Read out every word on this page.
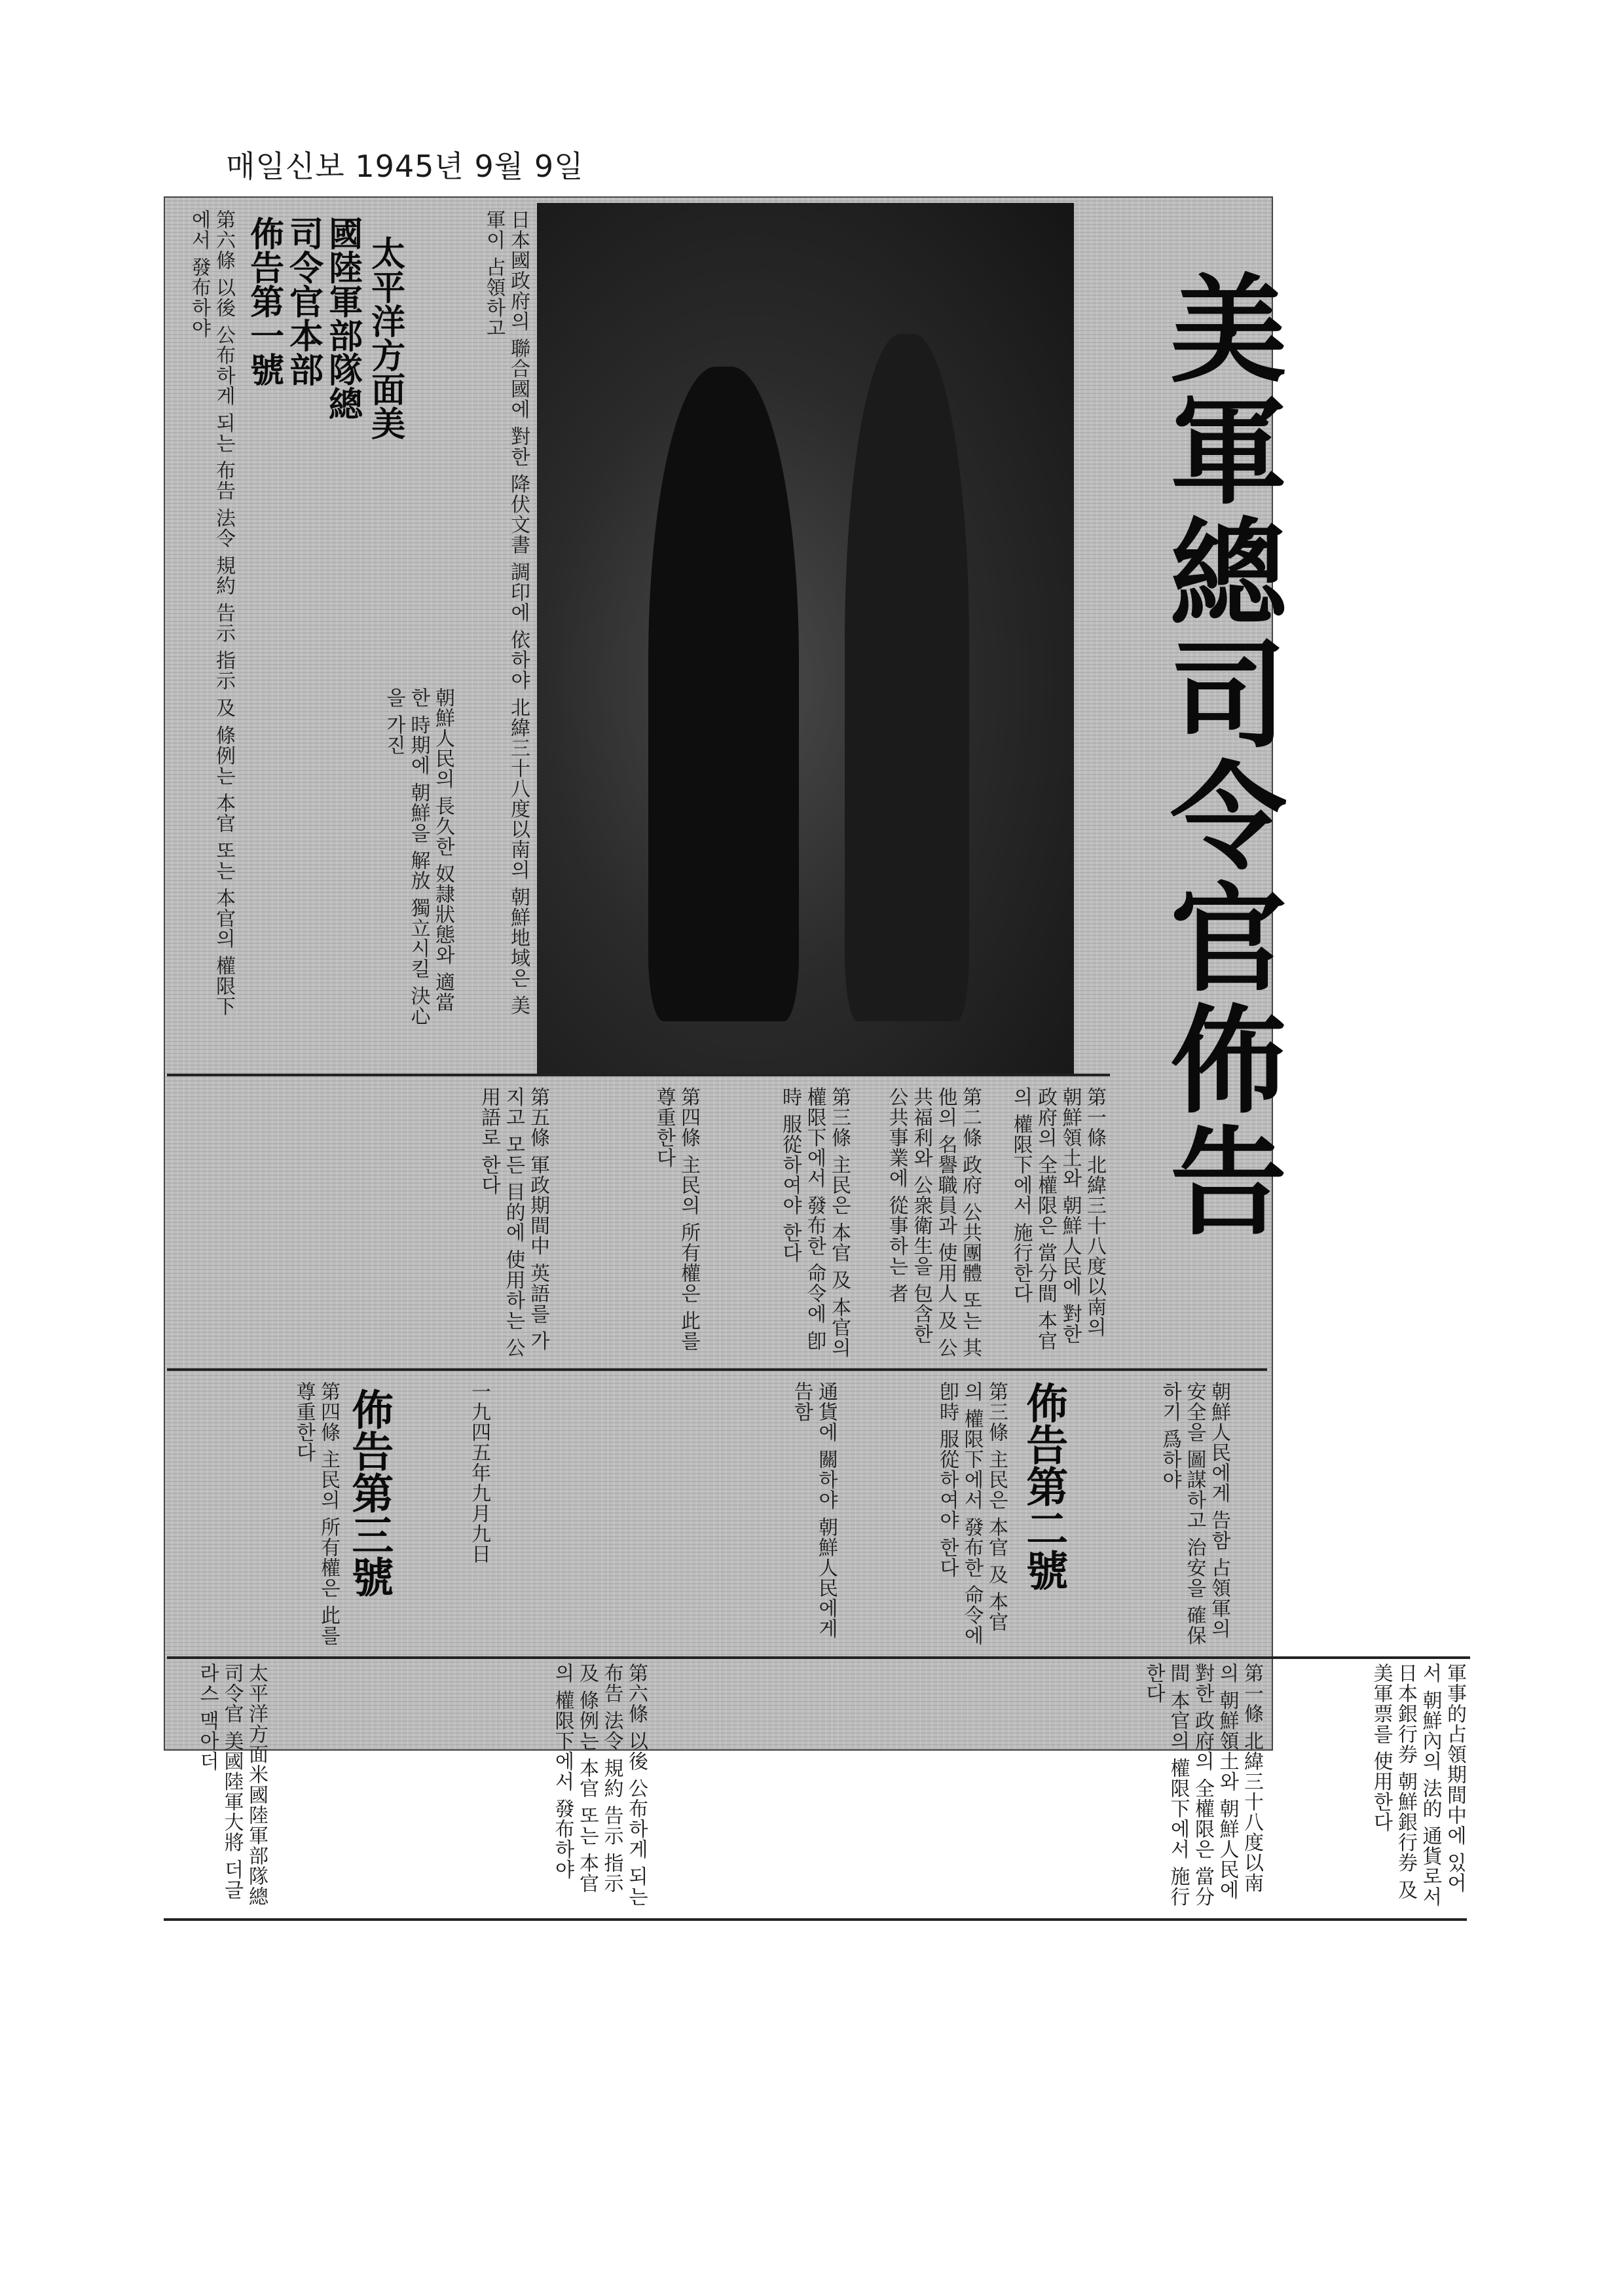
매일신보 1945년 9월 9일
美軍總司令官佈告
太平洋方面美
國陸軍部隊總
司令官本部
佈告第一號	日本國政府의 聯合國에 對한 降伏文書 調印에 依하야 北緯三十八度以南의 朝鮮地域은 美軍이 占領하고
朝鮮人民의 長久한 奴隷狀態와 適當한 時期에 朝鮮을 解放 獨立시킬 決心을 가진
第六條 以後 公布하게 되는 布告 法令 規約 告示 指示 及 條例는 本官 또는 本官의 權限下에서 發布하야
第一條 北緯三十八度以南의 朝鮮領土와 朝鮮人民에 對한 政府의 全權限은 當分間 本官의 權限下에서 施行한다
第二條 政府 公共團體 또는 其他의 名譽職員과 使用人 及 公共福利와 公衆衛生을 包含한 公共事業에 從事하는 者
第三條 主民은 本官 及 本官의 權限下에서 發布한 命令에 卽時 服從하여야 한다
第四條 主民의 所有權은 此를 尊重한다
第五條 軍政期間中 英語를 가지고 모든 目的에 使用하는 公用語로 한다
佈告第二號	朝鮮人民에게 告함 占領軍의 安全을 圖謀하고 治安을 確保하기 爲하야
第三條 主民은 本官 及 本官의 權限下에서 發布한 命令에 卽時 服從하여야 한다
佈告第三號	一九四五年九月九日	通貨에 關하야 朝鮮人民에게 告함
第四條 主民의 所有權은 此를 尊重한다
軍事的占領期間中에 있어서 朝鮮內의 法的 通貨로서 日本銀行券 朝鮮銀行券 及 美軍票를 使用한다
第一條 北緯三十八度以南의 朝鮮領土와 朝鮮人民에 對한 政府의 全權限은 當分間 本官의 權限下에서 施行한다
第六條 以後 公布하게 되는 布告 法令 規約 告示 指示 及 條例는 本官 또는 本官의 權限下에서 發布하야
太平洋方面米國陸軍部隊總司令官 美國陸軍大將 더글라스 맥아더
